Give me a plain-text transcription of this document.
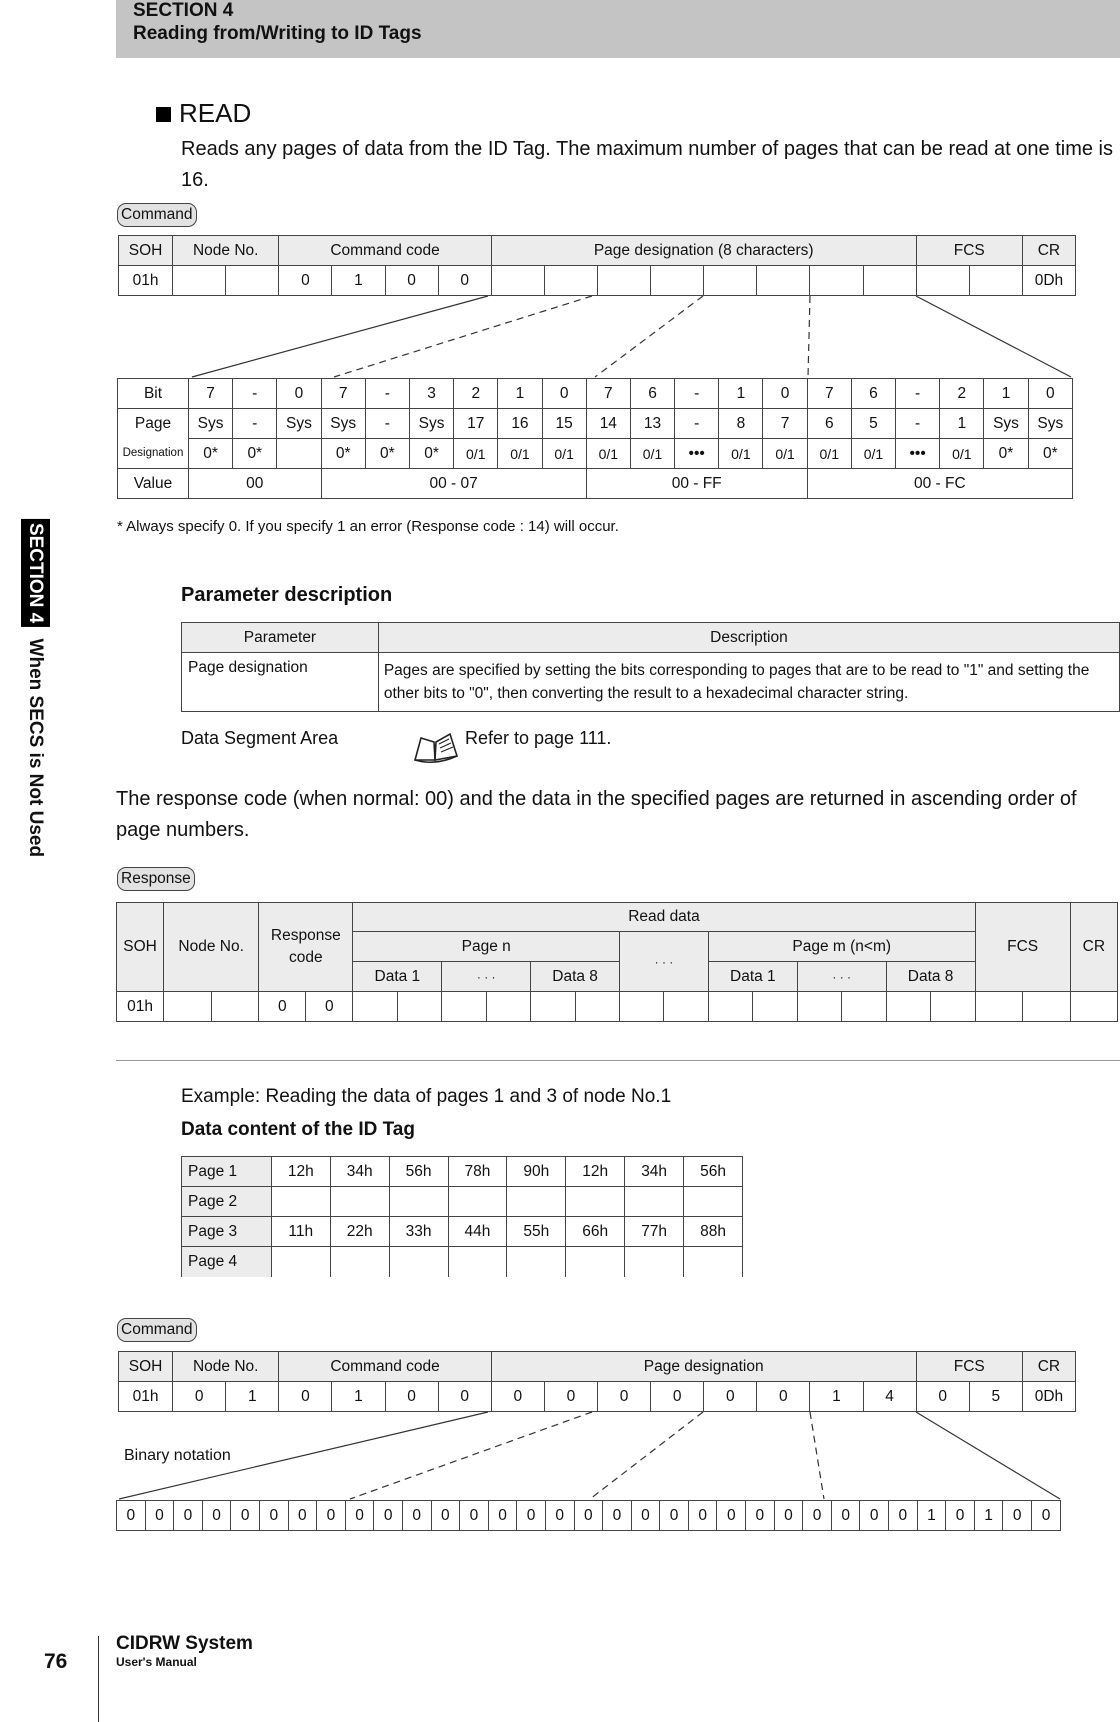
SECTION 4
Reading from/Writing to ID Tags
SECTION 4 When SECS is Not Used
READ
Reads any pages of data from the ID Tag. The maximum number of pages that can be read at one time is 16.
Command
SOH	Node No.		Command code				Page designation (8 characters)								FCS		CR
01h			0	1	0	0											0Dh
Bit	7	-	0	7	-	3	2	1	0	7	6	-	1	0	7	6	-	2	1	0
Page	Sys	-	Sys	Sys	-	Sys	17	16	15	14	13	-	8	7	6	5	-	1	Sys	Sys
Designation	0*	0*		0*	0*	0*	0/1	0/1	0/1	0/1	0/1	•••	0/1	0/1	0/1	0/1	•••	0/1	0*	0*
Value	00			00 - 07						00 - FF					00 - FC					
* Always specify 0. If you specify 1 an error (Response code : 14) will occur.
Parameter description
Parameter	Description
Page designation	Pages are specified by setting the bits corresponding to pages that are to be read to "1" and setting the other bits to "0", then converting the result to a hexadecimal character string.
Data Segment Area	Refer to page 111.
The response code (when normal: 00) and the data in the specified pages are returned in ascending order of page numbers.
Response
SOH	Node No.		Response code		Read data														FCS		CR
					Page n						· · ·		Page m (n<m)								
					Data 1		· · ·		Data 8				Data 1		· · ·		Data 8				
01h			0	0																	
Example: Reading the data of pages 1 and 3 of node No.1
Data content of the ID Tag
Page 1	12h	34h	56h	78h	90h	12h	34h	56h
Page 2								
Page 3	11h	22h	33h	44h	55h	66h	77h	88h
Page 4								
Command
SOH	Node No.		Command code				Page designation								FCS		CR
01h	0	1	0	1	0	0	0	0	0	0	0	0	1	4	0	5	0Dh
Binary notation
0	0	0	0	0	0	0	0	0	0	0	0	0	0	0	0	0	0	0	0	0	0	0	0	0	0	0	0	1	0	1	0	0
76
CIDRW System
User's Manual
